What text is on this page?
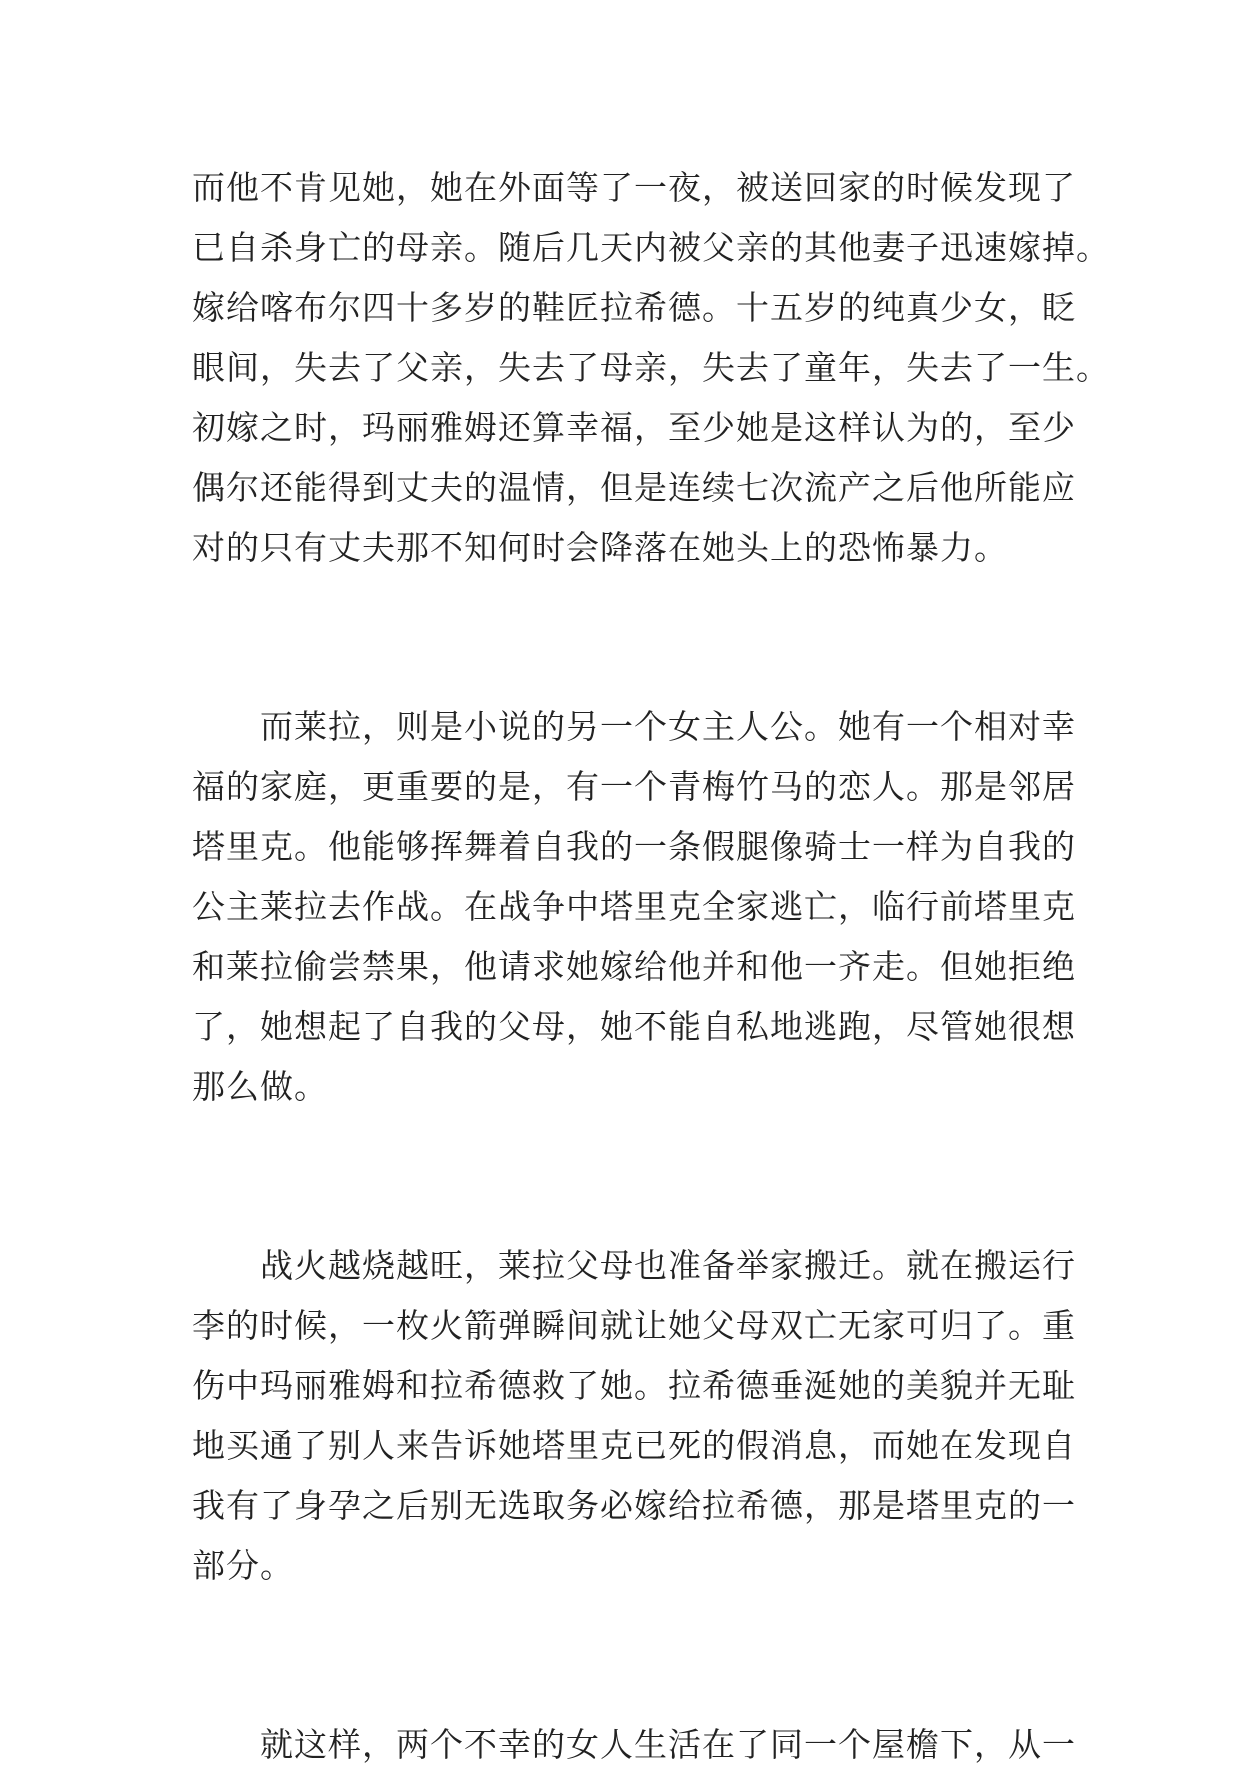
而他不肯见她，她在外面等了一夜，被送回家的时候发现了
已自杀身亡的母亲。随后几天内被父亲的其他妻子迅速嫁掉。
嫁给喀布尔四十多岁的鞋匠拉希德。十五岁的纯真少女，眨
眼间，失去了父亲，失去了母亲，失去了童年，失去了一生。
初嫁之时，玛丽雅姆还算幸福，至少她是这样认为的，至少
偶尔还能得到丈夫的温情，但是连续七次流产之后他所能应
对的只有丈夫那不知何时会降落在她头上的恐怖暴力。
　　而莱拉，则是小说的另一个女主人公。她有一个相对幸
福的家庭，更重要的是，有一个青梅竹马的恋人。那是邻居
塔里克。他能够挥舞着自我的一条假腿像骑士一样为自我的
公主莱拉去作战。在战争中塔里克全家逃亡，临行前塔里克
和莱拉偷尝禁果，他请求她嫁给他并和他一齐走。但她拒绝
了，她想起了自我的父母，她不能自私地逃跑，尽管她很想
那么做。
　　战火越烧越旺，莱拉父母也准备举家搬迁。就在搬运行
李的时候，一枚火箭弹瞬间就让她父母双亡无家可归了。重
伤中玛丽雅姆和拉希德救了她。拉希德垂涎她的美貌并无耻
地买通了别人来告诉她塔里克已死的假消息，而她在发现自
我有了身孕之后别无选取务必嫁给拉希德，那是塔里克的一
部分。
　　就这样，两个不幸的女人生活在了同一个屋檐下，从一
